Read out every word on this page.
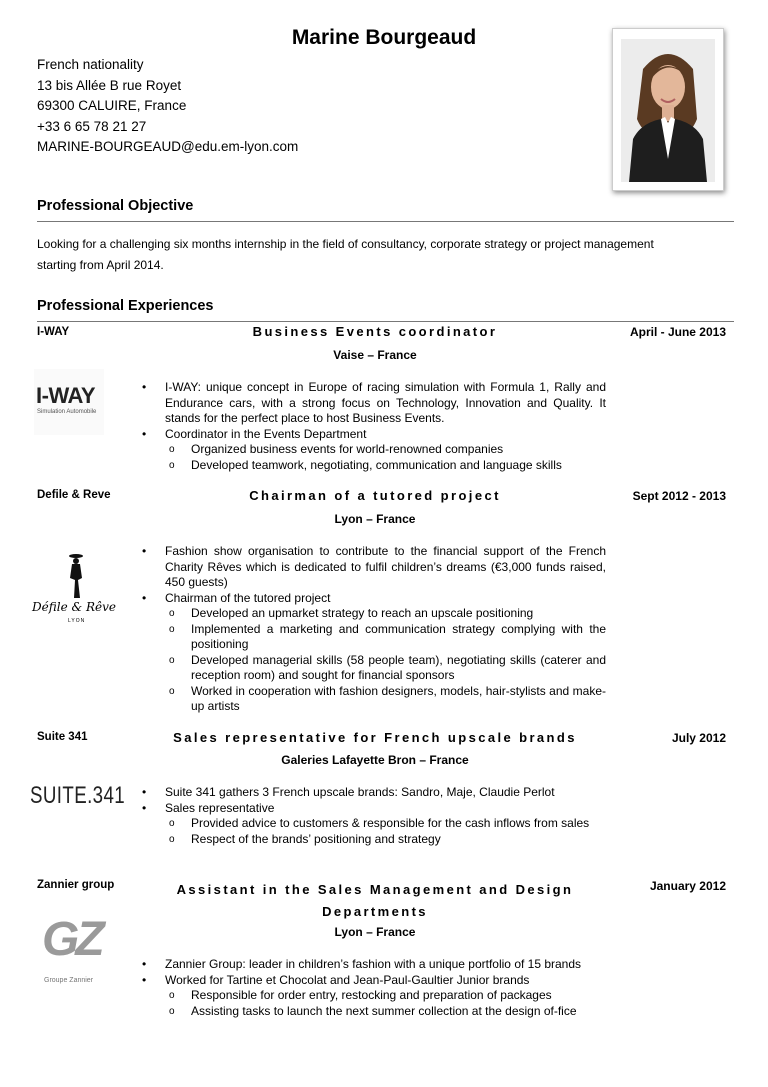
Marine Bourgeaud
French nationality
13 bis Allée B rue Royet
69300 CALUIRE, France
+33 6 65 78 21 27
MARINE-BOURGEAUD@edu.em-lyon.com
Professional Objective
Looking for a challenging six months internship in the field of consultancy, corporate strategy or project management
starting from April 2014.
Professional Experiences
I-WAY	Business Events coordinator	April - June 2013
Vaise – France
I-WAY
Simulation Automobile
• I-WAY: unique concept in Europe of racing simulation with Formula 1, Rally and Endurance cars, with a strong focus on Technology, Innovation and Quality. It stands for the perfect place to host Business Events.
• Coordinator in the Events Department
o Organized business events for world-renowned companies
o Developed teamwork, negotiating, communication and language skills
Defile & Reve	Chairman of a tutored project	Sept 2012 - 2013
Lyon – France
Défile & Rêve
LYON
• Fashion show organisation to contribute to the financial support of the French Charity Rêves which is dedicated to fulfil children’s dreams (€3,000 funds raised, 450 guests)
• Chairman of the tutored project
o Developed an upmarket strategy to reach an upscale positioning
o Implemented a marketing and communication strategy complying with the positioning
o Developed managerial skills (58 people team), negotiating skills (caterer and reception room) and sought for financial sponsors
o Worked in cooperation with fashion designers, models, hair-stylists and make-up artists
Suite 341	Sales representative for French upscale brands	July 2012
Galeries Lafayette Bron – France
SUITE.341
•	Suite 341 gathers 3 French upscale brands: Sandro, Maje, Claudie Perlot
• Sales representative
o Provided advice to customers & responsible for the cash inflows from sales
o Respect of the brands’ positioning and strategy
Zannier group	Assistant in the Sales Management and Design
Departments
January 2012
Lyon – France
GZ
Groupe Zannier
• Zannier Group: leader in children’s fashion with a unique portfolio of 15 brands
• Worked for Tartine et Chocolat and Jean-Paul-Gaultier Junior brands
o Responsible for order entry, restocking and preparation of packages
o Assisting tasks to launch the next summer collection at the design of-fice
